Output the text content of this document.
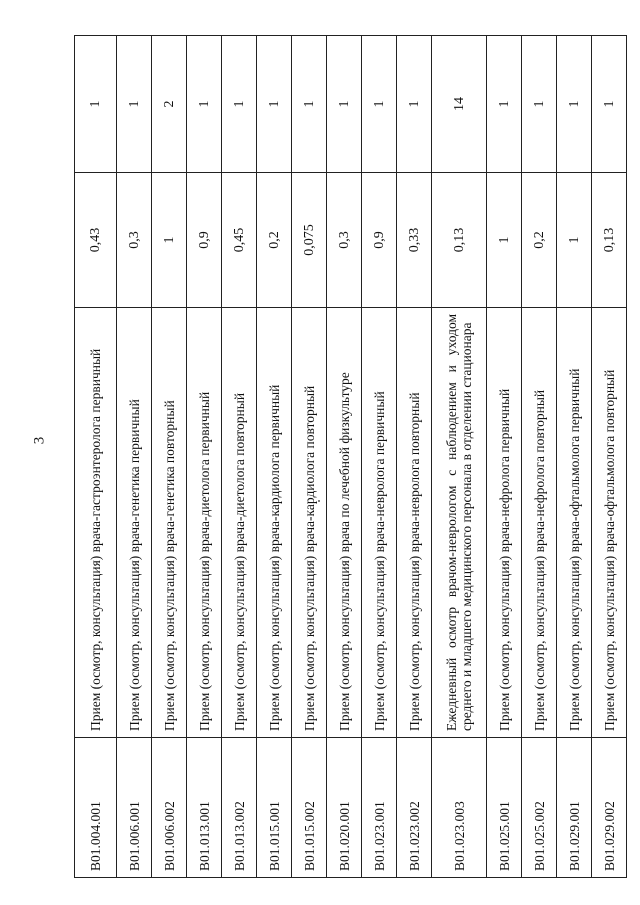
3
B01.004.001	Прием (осмотр, консультация) врача-гастроэнтеролога первичный	0,43	1
B01.006.001	Прием (осмотр, консультация) врача-генетика первичный	0,3	1
B01.006.002	Прием (осмотр, консультация) врача-генетика повторный	1	2
B01.013.001	Прием (осмотр, консультация) врача-диетолога первичный	0,9	1
B01.013.002	Прием (осмотр, консультация) врача-диетолога повторный	0,45	1
B01.015.001	Прием (осмотр, консультация) врача-кардиолога первичный	0,2	1
B01.015.002	Прием (осмотр, консультация) врача-кардиолога повторный	0,075	1
B01.020.001	Прием (осмотр, консультация) врача по лечебной физкультуре	0,3	1
B01.023.001	Прием (осмотр, консультация) врача-невролога первичный	0,9	1
B01.023.002	Прием (осмотр, консультация) врача-невролога повторный	0,33	1
B01.023.003	Ежедневный осмотр врачом-неврологом с наблюдением и уходом среднего и младшего медицинского персонала в отделении стационара	0,13	14
B01.025.001	Прием (осмотр, консультация) врача-нефролога первичный	1	1
B01.025.002	Прием (осмотр, консультация) врача-нефролога повторный	0,2	1
B01.029.001	Прием (осмотр, консультация) врача-офтальмолога первичный	1	1
B01.029.002	Прием (осмотр, консультация) врача-офтальмолога повторный	0,13	1
